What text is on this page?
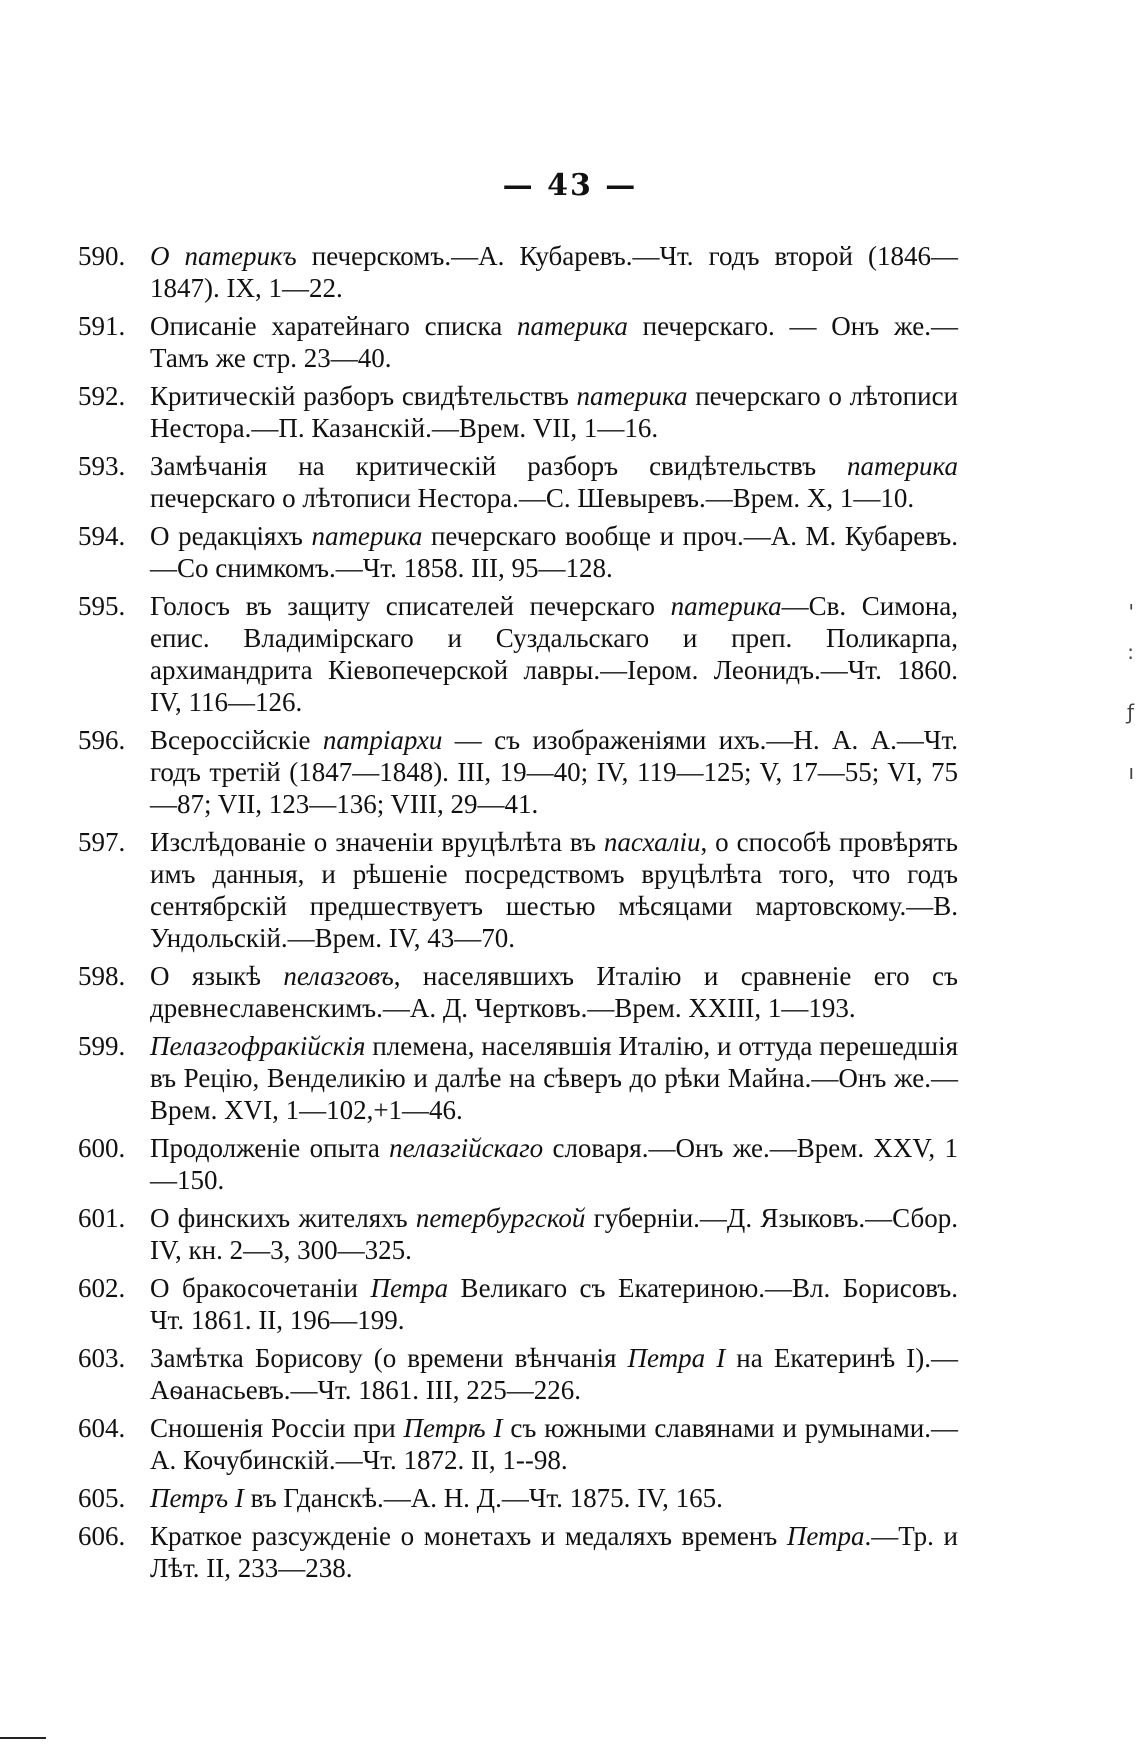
— 43 —
590. О патерикъ печерскомъ.—А. Кубаревъ.—Чт. годъ второй (1846—1847). IX, 1—22.
591. Описаніе харатейнаго списка патерика печерскаго. — Онъ же.—Тамъ же стр. 23—40.
592. Критическій разборъ свидѣтельствъ патерика печерскаго о лѣтописи Нестора.—П. Казанскій.—Врем. VII, 1—16.
593. Замѣчанія на критическій разборъ свидѣтельствъ патерика печерскаго о лѣтописи Нестора.—С. Шевыревъ.—Врем. X, 1—10.
594. О редакціяхъ патерика печерскаго вообще и проч.—А. М. Кубаревъ.—Со снимкомъ.—Чт. 1858. III, 95—128.
595. Голосъ въ защиту списателей печерскаго патерика—Св. Симона, епис. Владимірскаго и Суздальскаго и преп. Поликарпа, архимандрита Кіевопечерской лавры.—Іером. Леонидъ.—Чт. 1860. IV, 116—126.
596. Всероссійскіе патріархи — съ изображеніями ихъ.—Н. А. А.—Чт. годъ третій (1847—1848). III, 19—40; IV, 119—125; V, 17—55; VI, 75—87; VII, 123—136; VIII, 29—41.
597. Изслѣдованіе о значеніи вруцѣлѣта въ пасхаліи, о способѣ провѣрять имъ данныя, и рѣшеніе посредствомъ вруцѣлѣта того, что годъ сентябрскій предшествуетъ шестью мѣсяцами мартовскому.—В. Ундольскій.—Врем. IV, 43—70.
598. О языкѣ пелазговъ, населявшихъ Италію и сравненіе его съ древнеславенскимъ.—А. Д. Чертковъ.—Врем. XXIII, 1—193.
599. Пелазгофракійскія племена, населявшія Италію, и оттуда перешедшія въ Рецію, Венделикію и далѣе на сѣверъ до рѣки Майна.—Онъ же.—Врем. XVI, 1—102,+1—46.
600. Продолженіе опыта пелазгійскаго словаря.—Онъ же.—Врем. XXV, 1—150.
601. О финскихъ жителяхъ петербургской губерніи.—Д. Языковъ.—Сбор. IV, кн. 2—3, 300—325.
602. О бракосочетаніи Петра Великаго съ Екатериною.—Вл. Борисовъ. Чт. 1861. II, 196—199.
603. Замѣтка Борисову (о времени вѣнчанія Петра I на Екатеринѣ I).—Аѳанасьевъ.—Чт. 1861. III, 225—226.
604. Сношенія Россіи при Петрѣ I съ южными славянами и румынами.—А. Кочубинскій.—Чт. 1872. II, 1--98.
605. Петръ I въ Гданскѣ.—А. Н. Д.—Чт. 1875. IV, 165.
606. Краткое разсужденіе о монетахъ и медаляхъ временъ Петра.—Тр. и Лѣт. II, 233—238.
'
:
ƒ
ı
